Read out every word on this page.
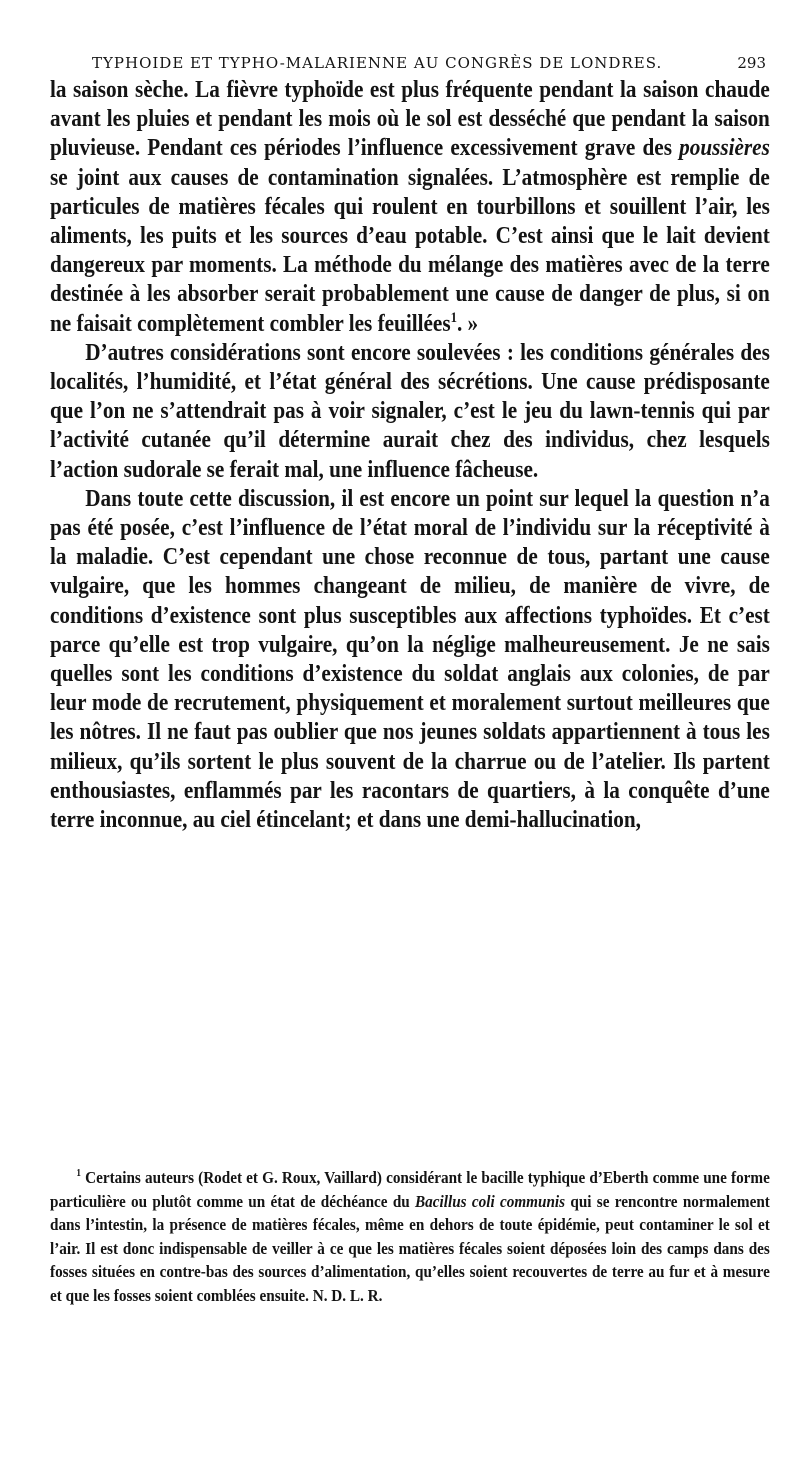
TYPHOIDE ET TYPHO-MALARIENNE AU CONGRÈS DE LONDRES.	293

la saison sèche. La fièvre typhoïde est plus fréquente pendant la saison chaude avant les pluies et pendant les mois où le sol est desséché que pendant la saison pluvieuse. Pendant ces périodes l’influence excessivement grave des poussières se joint aux causes de contamination signalées. L’atmosphère est remplie de particules de matières fécales qui roulent en tourbillons et souillent l’air, les aliments, les puits et les sources d’eau potable. C’est ainsi que le lait devient dangereux par moments. La méthode du mélange des matières avec de la terre destinée à les absorber serait probablement une cause de danger de plus, si on ne faisait complètement combler les feuillées$^1$. »

D’autres considérations sont encore soulevées : les conditions générales des localités, l’humidité, et l’état général des sécrétions. Une cause prédisposante que l’on ne s’attendrait pas à voir signaler, c’est le jeu du lawn-tennis qui par l’activité cutanée qu’il détermine aurait chez des individus, chez lesquels l’action sudorale se ferait mal, une influence fâcheuse.

Dans toute cette discussion, il est encore un point sur lequel la question n’a pas été posée, c’est l’influence de l’état moral de l’individu sur la réceptivité à la maladie. C’est cependant une chose reconnue de tous, partant une cause vulgaire, que les hommes changeant de milieu, de manière de vivre, de conditions d’existence sont plus susceptibles aux affections typhoïdes. Et c’est parce qu’elle est trop vulgaire, qu’on la néglige malheureusement. Je ne sais quelles sont les conditions d’existence du soldat anglais aux colonies, de par leur mode de recrutement, physiquement et moralement surtout meilleures que les nôtres. Il ne faut pas oublier que nos jeunes soldats appartiennent à tous les milieux, qu’ils sortent le plus souvent de la charrue ou de l’atelier. Ils partent enthousiastes, enflammés par les racontars de quartiers, à la conquête d’une terre inconnue, au ciel étincelant; et dans une demi-hallucination,

$^1$ Certains auteurs (Rodet et G. Roux, Vaillard) considérant le bacille typhique d’Eberth comme une forme particulière ou plutôt comme un état de déchéance du Bacillus coli communis qui se rencontre normalement dans l’intestin, la présence de matières fécales, même en dehors de toute épidémie, peut contaminer le sol et l’air. Il est donc indispensable de veiller à ce que les matières fécales soient déposées loin des camps dans des fosses situées en contre-bas des sources d’alimentation, qu’elles soient recouvertes de terre au fur et à mesure et que les fosses soient comblées ensuite. N. D. L. R.
